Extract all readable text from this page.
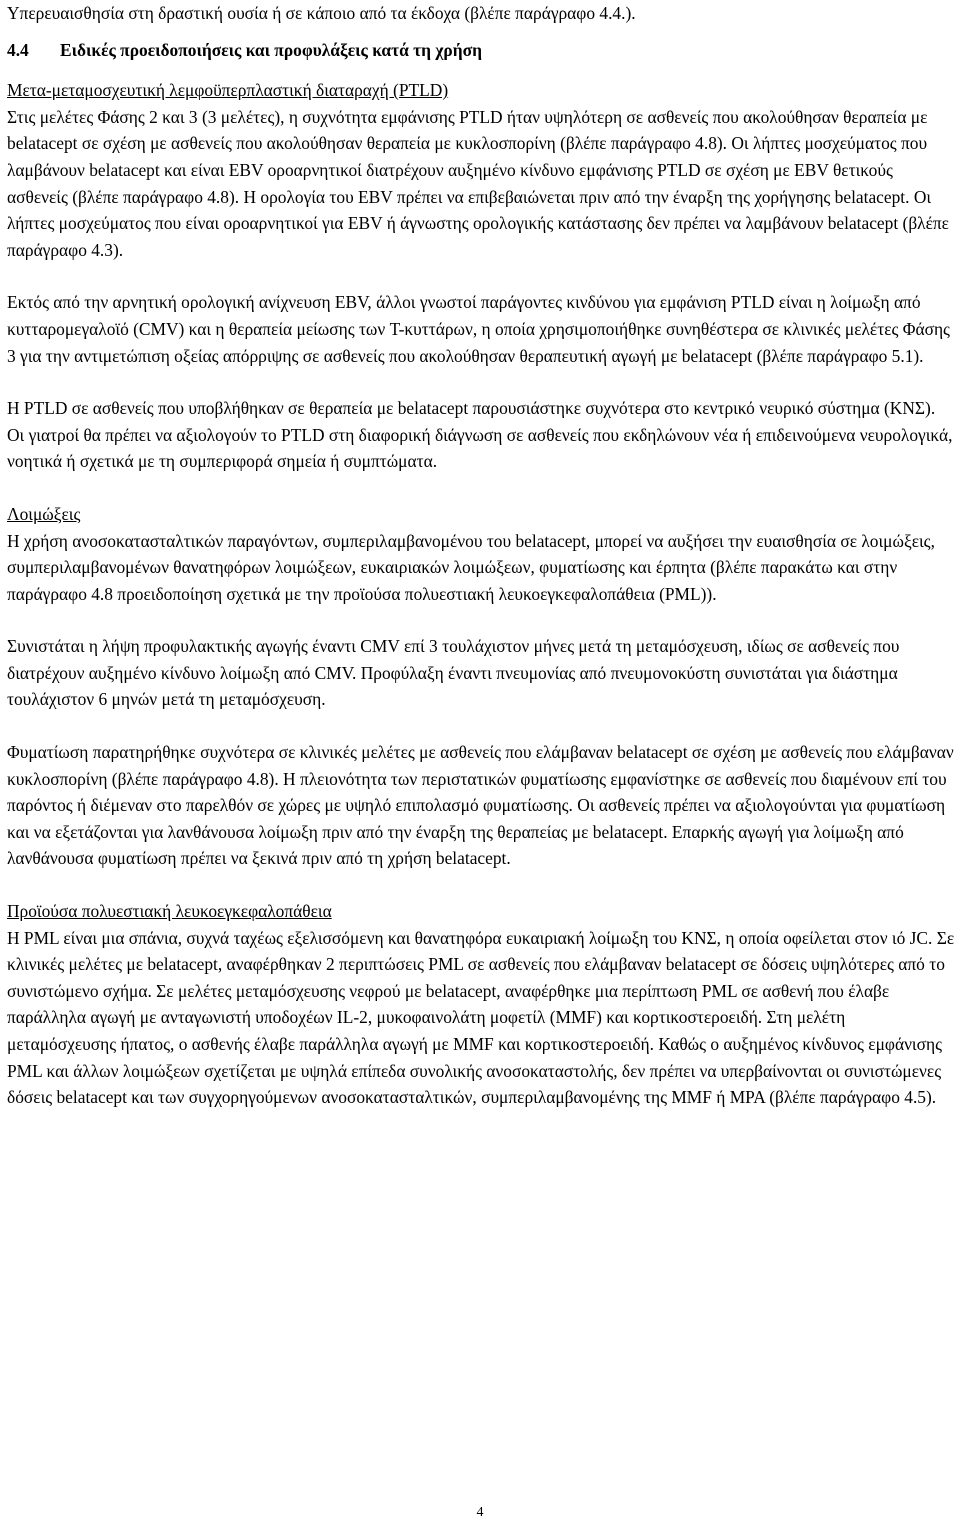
Υπερευαισθησία στη δραστική ουσία ή σε κάποιο από τα έκδοχα (βλέπε παράγραφο 4.4.).

4.4 Ειδικές προειδοποιήσεις και προφυλάξεις κατά τη χρήση

Μετα-μεταμοσχευτική λεμφοϋπερπλαστική διαταραχή (PTLD)
Στις μελέτες Φάσης 2 και 3 (3 μελέτες), η συχνότητα εμφάνισης PTLD ήταν υψηλότερη σε ασθενείς που ακολούθησαν θεραπεία με belatacept σε σχέση με ασθενείς που ακολούθησαν θεραπεία με κυκλοσπορίνη (βλέπε παράγραφο 4.8). Οι λήπτες μοσχεύματος που λαμβάνουν belatacept και είναι EBV οροαρνητικοί διατρέχουν αυξημένο κίνδυνο εμφάνισης PTLD σε σχέση με EBV θετικούς ασθενείς (βλέπε παράγραφο 4.8). Η ορολογία του EBV πρέπει να επιβεβαιώνεται πριν από την έναρξη της χορήγησης belatacept. Οι λήπτες μοσχεύματος που είναι οροαρνητικοί για EBV ή άγνωστης ορολογικής κατάστασης δεν πρέπει να λαμβάνουν belatacept (βλέπε παράγραφο 4.3).

Εκτός από την αρνητική ορολογική ανίχνευση EBV, άλλοι γνωστοί παράγοντες κινδύνου για εμφάνιση PTLD είναι η λοίμωξη από κυτταρομεγαλοϊό (CMV) και η θεραπεία μείωσης των T-κυττάρων, η οποία χρησιμοποιήθηκε συνηθέστερα σε κλινικές μελέτες Φάσης 3 για την αντιμετώπιση οξείας απόρριψης σε ασθενείς που ακολούθησαν θεραπευτική αγωγή με belatacept (βλέπε παράγραφο 5.1).

Η PTLD σε ασθενείς που υποβλήθηκαν σε θεραπεία με belatacept παρουσιάστηκε συχνότερα στο κεντρικό νευρικό σύστημα (ΚΝΣ). Οι γιατροί θα πρέπει να αξιολογούν το PTLD στη διαφορική διάγνωση σε ασθενείς που εκδηλώνουν νέα ή επιδεινούμενα νευρολογικά, νοητικά ή σχετικά με τη συμπεριφορά σημεία ή συμπτώματα.

Λοιμώξεις
Η χρήση ανοσοκατασταλτικών παραγόντων, συμπεριλαμβανομένου του belatacept, μπορεί να αυξήσει την ευαισθησία σε λοιμώξεις, συμπεριλαμβανομένων θανατηφόρων λοιμώξεων, ευκαιριακών λοιμώξεων, φυματίωσης και έρπητα (βλέπε παρακάτω και στην παράγραφο 4.8 προειδοποίηση σχετικά με την προϊούσα πολυεστιακή λευκοεγκεφαλοπάθεια (PML)).

Συνιστάται η λήψη προφυλακτικής αγωγής έναντι CMV επί 3 τουλάχιστον μήνες μετά τη μεταμόσχευση, ιδίως σε ασθενείς που διατρέχουν αυξημένο κίνδυνο λοίμωξη από CMV. Προφύλαξη έναντι πνευμονίας από πνευμονοκύστη συνιστάται για διάστημα τουλάχιστον 6 μηνών μετά τη μεταμόσχευση.

Φυματίωση παρατηρήθηκε συχνότερα σε κλινικές μελέτες με ασθενείς που ελάμβαναν belatacept σε σχέση με ασθενείς που ελάμβαναν κυκλοσπορίνη (βλέπε παράγραφο 4.8). Η πλειονότητα των περιστατικών φυματίωσης εμφανίστηκε σε ασθενείς που διαμένουν επί του παρόντος ή διέμεναν στο παρελθόν σε χώρες με υψηλό επιπολασμό φυματίωσης. Οι ασθενείς πρέπει να αξιολογούνται για φυματίωση και να εξετάζονται για λανθάνουσα λοίμωξη πριν από την έναρξη της θεραπείας με belatacept. Επαρκής αγωγή για λοίμωξη από λανθάνουσα φυματίωση πρέπει να ξεκινά πριν από τη χρήση belatacept.

Προϊούσα πολυεστιακή λευκοεγκεφαλοπάθεια
Η PML είναι μια σπάνια, συχνά ταχέως εξελισσόμενη και θανατηφόρα ευκαιριακή λοίμωξη του ΚΝΣ, η οποία οφείλεται στον ιό JC. Σε κλινικές μελέτες με belatacept, αναφέρθηκαν 2 περιπτώσεις PML σε ασθενείς που ελάμβαναν belatacept σε δόσεις υψηλότερες από το συνιστώμενο σχήμα. Σε μελέτες μεταμόσχευσης νεφρού με belatacept, αναφέρθηκε μια περίπτωση PML σε ασθενή που έλαβε παράλληλα αγωγή με ανταγωνιστή υποδοχέων IL-2, μυκοφαινολάτη μοφετίλ (MMF) και κορτικοστεροειδή. Στη μελέτη μεταμόσχευσης ήπατος, ο ασθενής έλαβε παράλληλα αγωγή με MMF και κορτικοστεροειδή. Καθώς ο αυξημένος κίνδυνος εμφάνισης PML και άλλων λοιμώξεων σχετίζεται με υψηλά επίπεδα συνολικής ανοσοκαταστολής, δεν πρέπει να υπερβαίνονται οι συνιστώμενες δόσεις belatacept και των συγχορηγούμενων ανοσοκατασταλτικών, συμπεριλαμβανομένης της MMF ή MPA (βλέπε παράγραφο 4.5).

4
